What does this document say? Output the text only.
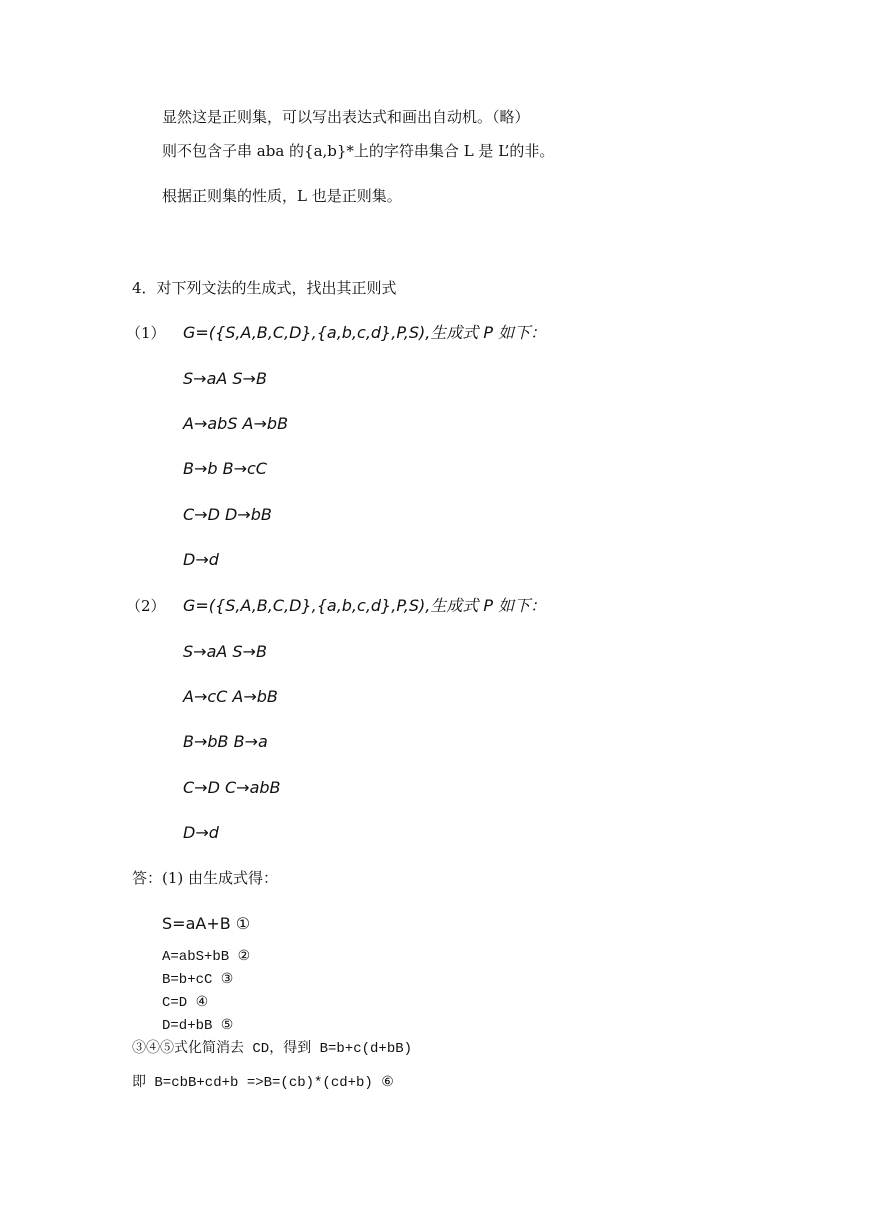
显然这是正则集，可以写出表达式和画出自动机。（略）
则不包含子串 aba 的{a,b}*上的字符串集合 L 是 L’的非。
根据正则集的性质，L 也是正则集。
4．对下列文法的生成式，找出其正则式
（1） G=({S,A,B,C,D},{a,b,c,d},P,S),生成式 P 如下：
S→aA S→B
A→abS A→bB
B→b B→cC
C→D D→bB
D→d
（2） G=({S,A,B,C,D},{a,b,c,d},P,S),生成式 P 如下：
S→aA S→B
A→cC A→bB
B→bB B→a
C→D C→abB
D→d
答：(1) 由生成式得：
S=aA+B ①
A=abS+bB ②
B=b+cC ③
C=D ④
D=d+bB ⑤
③④⑤式化简消去 CD，得到 B=b+c(d+bB)
即 B=cbB+cd+b =>B=(cb)*(cd+b) ⑥
